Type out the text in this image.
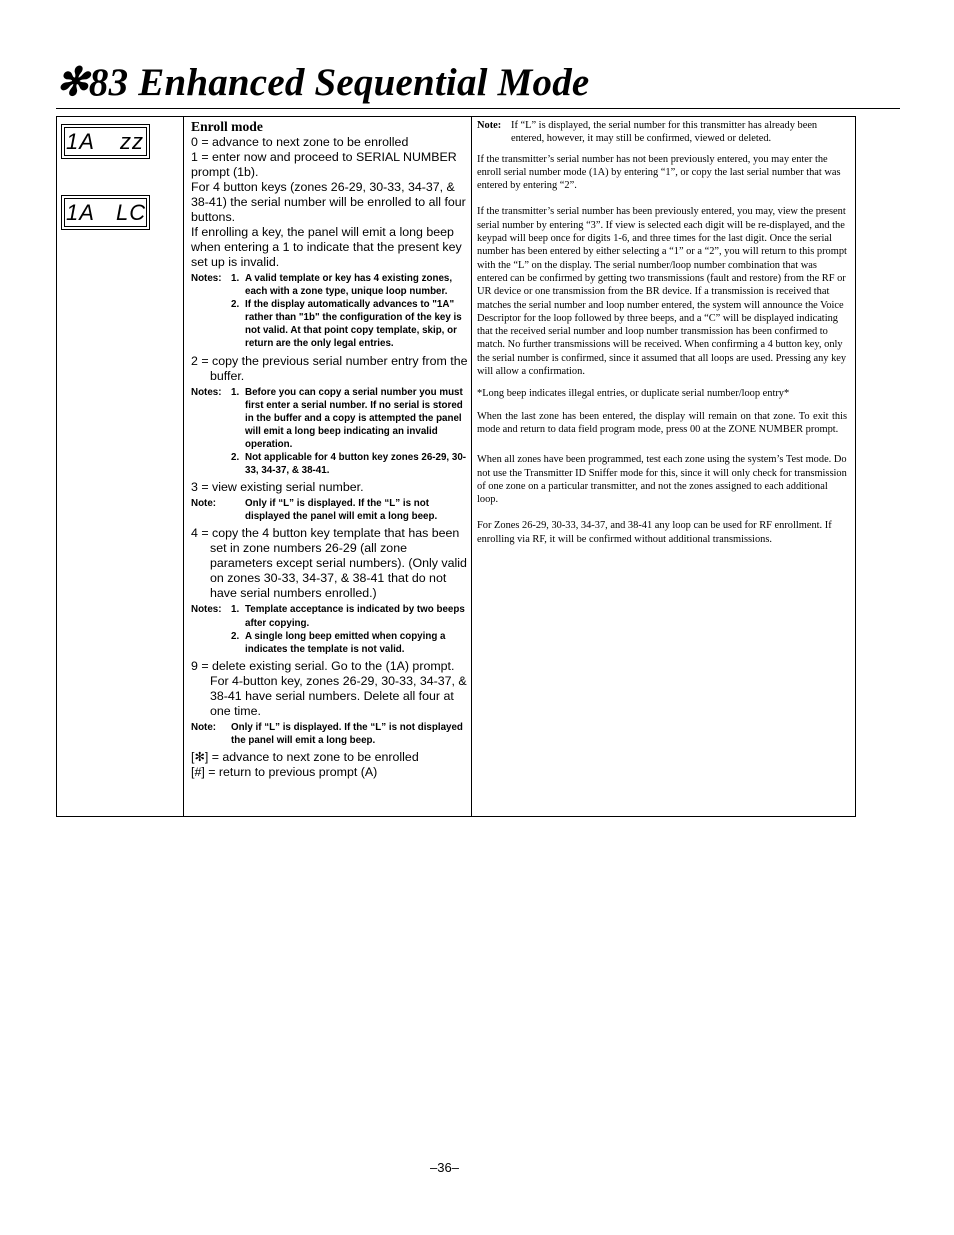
✻83 Enhanced Sequential Mode
1A zz
1A LC

Enroll mode

0 = advance to next zone to be enrolled

1 = enter now and proceed to SERIAL NUMBER prompt (1b).

For 4 button keys (zones 26-29, 30-33, 34-37, & 38-41) the serial number will be enrolled to all four buttons.

If enrolling a key, the panel will emit a long beep when entering a 1 to indicate that the present key set up is invalid.

Notes: 1. A valid template or key has 4 existing zones, each with a zone type, unique loop number.
2. If the display automatically advances to "1A" rather than "1b" the configuration of the key is not valid. At that point copy template, skip, or return are the only legal entries.

2 = copy the previous serial number entry from the buffer.

Notes: 1. Before you can copy a serial number you must first enter a serial number. If no serial is stored in the buffer and a copy is attempted the panel will emit a long beep indicating an invalid operation.
2. Not applicable for 4 button key zones 26-29, 30-33, 34-37, & 38-41.

3 = view existing serial number.

Note:	Only if “L” is displayed. If the “L” is not displayed the panel will emit a long beep.

4 = copy the 4 button key template that has been set in zone numbers 26-29 (all zone parameters except serial numbers). (Only valid on zones 30-33, 34-37, & 38-41 that do not have serial numbers enrolled.)

Notes: 1. Template acceptance is indicated by two beeps after copying.
2. A single long beep emitted when copying a indicates the template is not valid.

9 = delete existing serial. Go to the (1A) prompt. For 4-button key, zones 26-29, 30-33, 34-37, & 38-41 have serial numbers. Delete all four at one time.

Note:	Only if “L” is displayed. If the “L” is not displayed the panel will emit a long beep.

[✻] = advance to next zone to be enrolled

[#] = return to previous prompt (A)

Note: If “L” is displayed, the serial number for this transmitter has already been entered, however, it may still be confirmed, viewed or deleted.

If the transmitter’s serial number has not been previously entered, you may enter the enroll serial number mode (1A) by entering “1”, or copy the last serial number that was entered by entering “2”.

If the transmitter’s serial number has been previously entered, you may, view the present serial number by entering “3”. If view is selected each digit will be re-displayed, and the keypad will beep once for digits 1-6, and three times for the last digit. Once the serial number has been entered by either selecting a “1” or a “2”, you will return to this prompt with the “L” on the display. The serial number/loop number combination that was entered can be confirmed by getting two transmissions (fault and restore) from the RF or UR device or one transmission from the BR device. If a transmission is received that matches the serial number and loop number entered, the system will announce the Voice Descriptor for the loop followed by three beeps, and a “C” will be displayed indicating that the received serial number and loop number transmission has been confirmed to match. No further transmissions will be received. When confirming a 4 button key, only the serial number is confirmed, since it assumed that all loops are used. Pressing any key will allow a confirmation.

*Long beep indicates illegal entries, or duplicate serial number/loop entry*

When the last zone has been entered, the display will remain on that zone. To exit this mode and return to data field program mode, press 00 at the ZONE NUMBER prompt.

When all zones have been programmed, test each zone using the system’s Test mode. Do not use the Transmitter ID Sniffer mode for this, since it will only check for transmission of one zone on a particular transmitter, and not the zones assigned to each additional loop.

For Zones 26-29, 30-33, 34-37, and 38-41 any loop can be used for RF enrollment. If enrolling via RF, it will be confirmed without additional transmissions.

–36–
